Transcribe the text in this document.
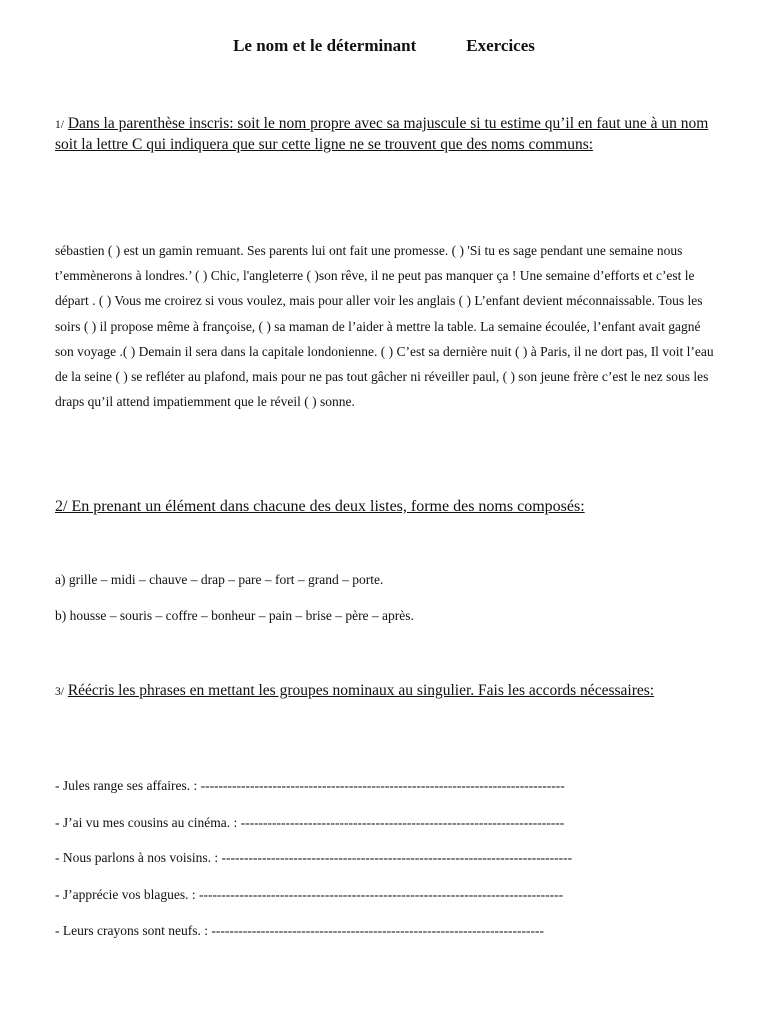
Le nom et le déterminant	Exercices
1/ Dans la parenthèse inscris: soit le nom propre avec sa majuscule si tu estime qu’il en faut une à un nom soit la lettre C qui indiquera que sur cette ligne ne se trouvent que des noms communs:

sébastien ( ) est un gamin remuant. Ses parents lui ont fait une promesse. ( ) 'Si tu es sage pendant une semaine nous t’emmènerons à londres.’ ( ) Chic, l'angleterre ( )son rêve, il ne peut pas manquer ça ! Une semaine d’efforts et c’est le départ . ( ) Vous me croirez si vous voulez, mais pour aller voir les anglais ( ) L’enfant devient méconnaissable. Tous les soirs ( ) il propose même à françoise, ( ) sa maman de l’aider à mettre la table. La semaine écoulée, l’enfant avait gagné son voyage .( ) Demain il sera dans la capitale londonienne. ( ) C’est sa dernière nuit ( ) à Paris, il ne dort pas, Il voit l’eau de la seine ( ) se refléter au plafond, mais pour ne pas tout gâcher ni réveiller paul, ( ) son jeune frère c’est le nez sous les draps qu’il attend impatiemment que le réveil ( ) sonne.

2/ En prenant un élément dans chacune des deux listes, forme des noms composés:
a) grille – midi – chauve – drap – pare – fort – grand – porte.
b) housse – souris – coffre – bonheur – pain – brise – père – après.
3/ Réécris les phrases en mettant les groupes nominaux au singulier. Fais les accords nécessaires:
- Jules range ses affaires. : ---------------------------------------------------------------------------------
- J’ai vu mes cousins au cinéma. : ------------------------------------------------------------------------
- Nous parlons à nos voisins. : ------------------------------------------------------------------------------
- J’apprécie vos blagues. : ---------------------------------------------------------------------------------
- Leurs crayons sont neufs. : --------------------------------------------------------------------------
